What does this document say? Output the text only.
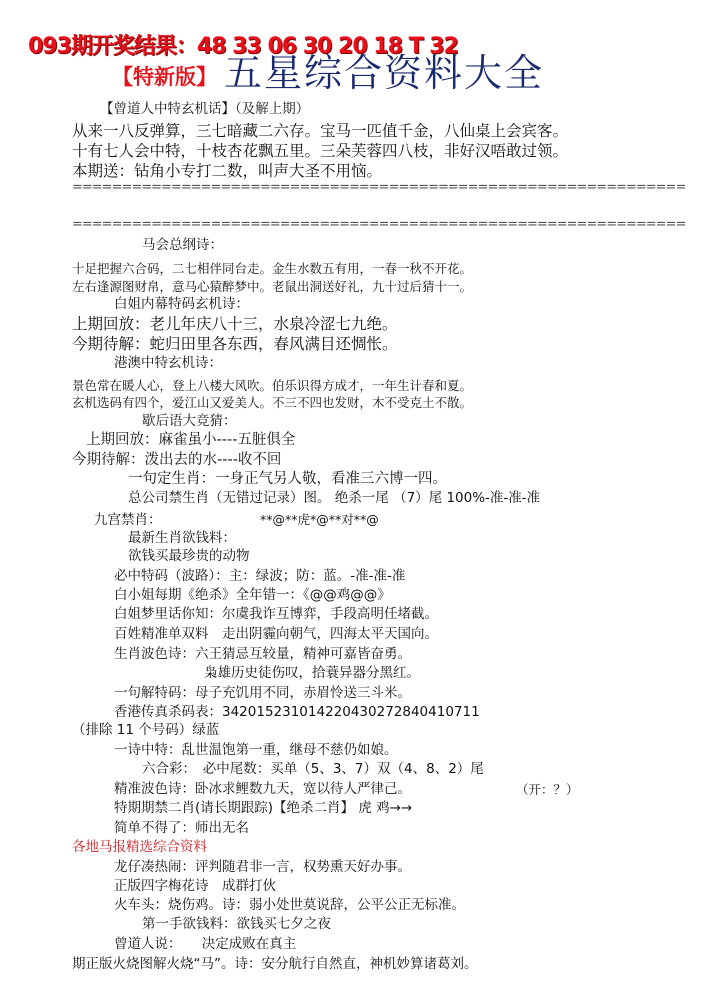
093期开奖结果：48 33 06 30 20 18 T 32
【特新版】 五星综合资料大全
【曾道人中特玄机话】（及解上期）
从来一八反弹算，三七暗藏二六存。宝马一匹值千金，八仙桌上会宾客。
十有七人会中特，十枝杏花飘五里。三朵芙蓉四八枝，非好汉唔敢过领。
本期送：钻角小专打二数，叫声大圣不用恼。
==============================================================
==============================================================
马会总纲诗：
十足把握六合码，二七相伴同台走。金生水数五有用，一春一秋不开花。
左右逢源图财帛，意马心猿醉梦中。老鼠出洞送好礼，九十过后猜十一。
白姐内幕特码玄机诗：
上期回放：老儿年庆八十三，水泉冷涩七九绝。
今期待解：蛇归田里各东西，春风满目还惆怅。
港澳中特玄机诗：
景色常在暖人心，登上八楼大风吹。伯乐识得方成才，一年生计春和夏。
玄机选码有四个，爱江山又爱美人。不三不四也发财，木不受克土不散。
歇后语大竞猜：
上期回放：麻雀虽小----五脏俱全
今期待解：泼出去的水----收不回
一句定生肖：一身正气另人敬，看准三六博一四。
总公司禁生肖（无错过记录）图。 绝杀一尾 （7）尾 100%-准-准-准
九宫禁肖：	**@**虎*@**对**@
最新生肖欲钱料：
欲钱买最珍贵的动物
必中特码（波路）：主：绿波；防：蓝。-准-准-准
白小姐每期《绝杀》全年错一：《@@鸡@@》
白姐梦里话你知：尔虞我诈互博弈，手段高明任堵截。
百姓精准单双料　走出阴霾向朝气，四海太平天国向。
生肖波色诗：六王猜忌互较量，精神可嘉皆奋勇。
枭雄历史徒伤叹，拾蓑异器分黑红。
一句解特码：母子充饥用不同，赤眉怜送三斗米。
香港传真杀码表：342015231014220430272840410711
（排除 11 个号码）绿蓝
一诗中特：乱世温饱第一重，继母不慈仍如娘。
六合彩：　必中尾数：买单（5、3、7）双（4、8、2）尾
精准波色诗：卧冰求鲤数九天，宽以待人严律己。	（开：？）
特期期禁二肖(请长期跟踪)【绝杀二肖】 虎 鸡→→
简单不得了：师出无名
各地马报精选综合资料
龙仔凑热闹：评判随君非一言，权势熏天好办事。
正版四字梅花诗　成群打伙
火车头：烧伤鸡。诗：弱小处世莫说辞，公平公正无标准。
第一手欲钱料：欲钱买七夕之夜
曾道人说：　　决定成败在真主
期正版火烧图解火烧“马”。诗：安分航行自然直，神机妙算诸葛刘。
